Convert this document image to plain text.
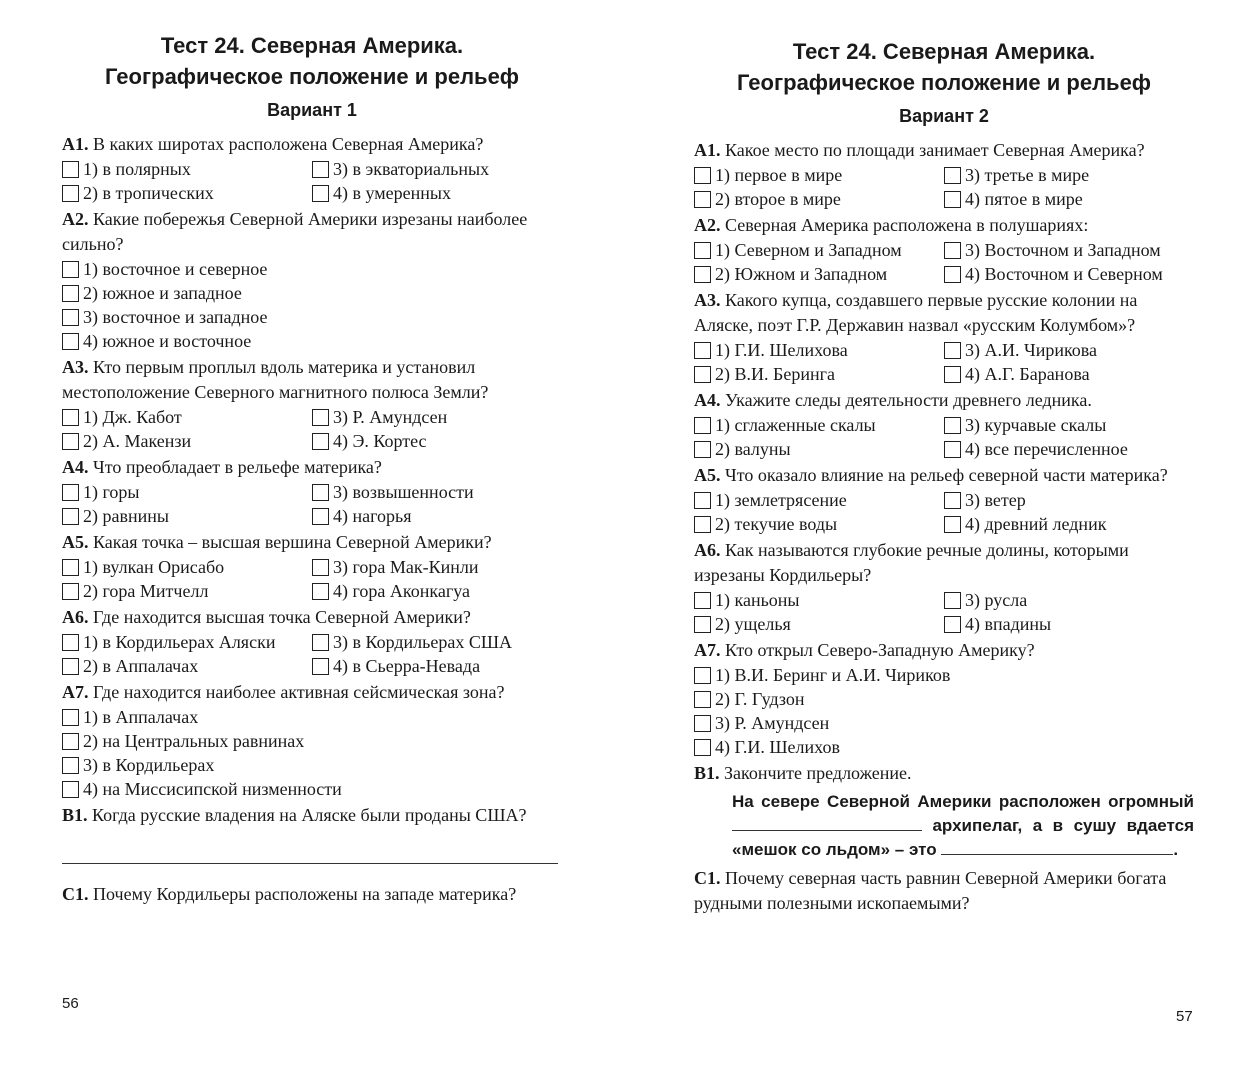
Тест 24. Северная Америка.
Географическое положение и рельеф
Вариант 1
А1. В каких широтах расположена Северная Америка?
1) в полярных	3) в экваториальных
2) в тропических	4) в умеренных
А2. Какие побережья Северной Америки изрезаны наиболее сильно?
1) восточное и северное
2) южное и западное
3) восточное и западное
4) южное и восточное
А3. Кто первым проплыл вдоль материка и установил местоположение Северного магнитного полюса Земли?
1) Дж. Кабот	3) Р. Амундсен
2) А. Макензи	4) Э. Кортес
А4. Что преобладает в рельефе материка?
1) горы	3) возвышенности
2) равнины	4) нагорья
А5. Какая точка – высшая вершина Северной Америки?
1) вулкан Орисабо	3) гора Мак-Кинли
2) гора Митчелл	4) гора Аконкагуа
А6. Где находится высшая точка Северной Америки?
1) в Кордильерах Аляски	3) в Кордильерах США
2) в Аппалачах	4) в Сьерра-Невада
А7. Где находится наиболее активная сейсмическая зона?
1) в Аппалачах
2) на Центральных равнинах
3) в Кордильерах
4) на Миссисипской низменности
В1. Когда русские владения на Аляске были проданы США?
С1. Почему Кордильеры расположены на западе материка?
56
Тест 24. Северная Америка.
Географическое положение и рельеф
Вариант 2
А1. Какое место по площади занимает Северная Америка?
1) первое в мире	3) третье в мире
2) второе в мире	4) пятое в мире
А2. Северная Америка расположена в полушариях:
1) Северном и Западном	3) Восточном и Западном
2) Южном и Западном	4) Восточном и Северном
А3. Какого купца, создавшего первые русские колонии на Аляске, поэт Г.Р. Державин назвал «русским Колумбом»?
1) Г.И. Шелихова	3) А.И. Чирикова
2) В.И. Беринга	4) А.Г. Баранова
А4. Укажите следы деятельности древнего ледника.
1) сглаженные скалы	3) курчавые скалы
2) валуны	4) все перечисленное
А5. Что оказало влияние на рельеф северной части материка?
1) землетрясение	3) ветер
2) текучие воды	4) древний ледник
А6. Как называются глубокие речные долины, которыми изрезаны Кордильеры?
1) каньоны	3) русла
2) ущелья	4) впадины
А7. Кто открыл Северо-Западную Америку?
1) В.И. Беринг и А.И. Чириков
2) Г. Гудзон
3) Р. Амундсен
4) Г.И. Шелихов
В1. Закончите предложение.
На севере Северной Америки расположен огромный  архипелаг, а в сушу вдается «мешок со льдом» – это	.
С1. Почему северная часть равнин Северной Америки богата рудными полезными ископаемыми?
57
